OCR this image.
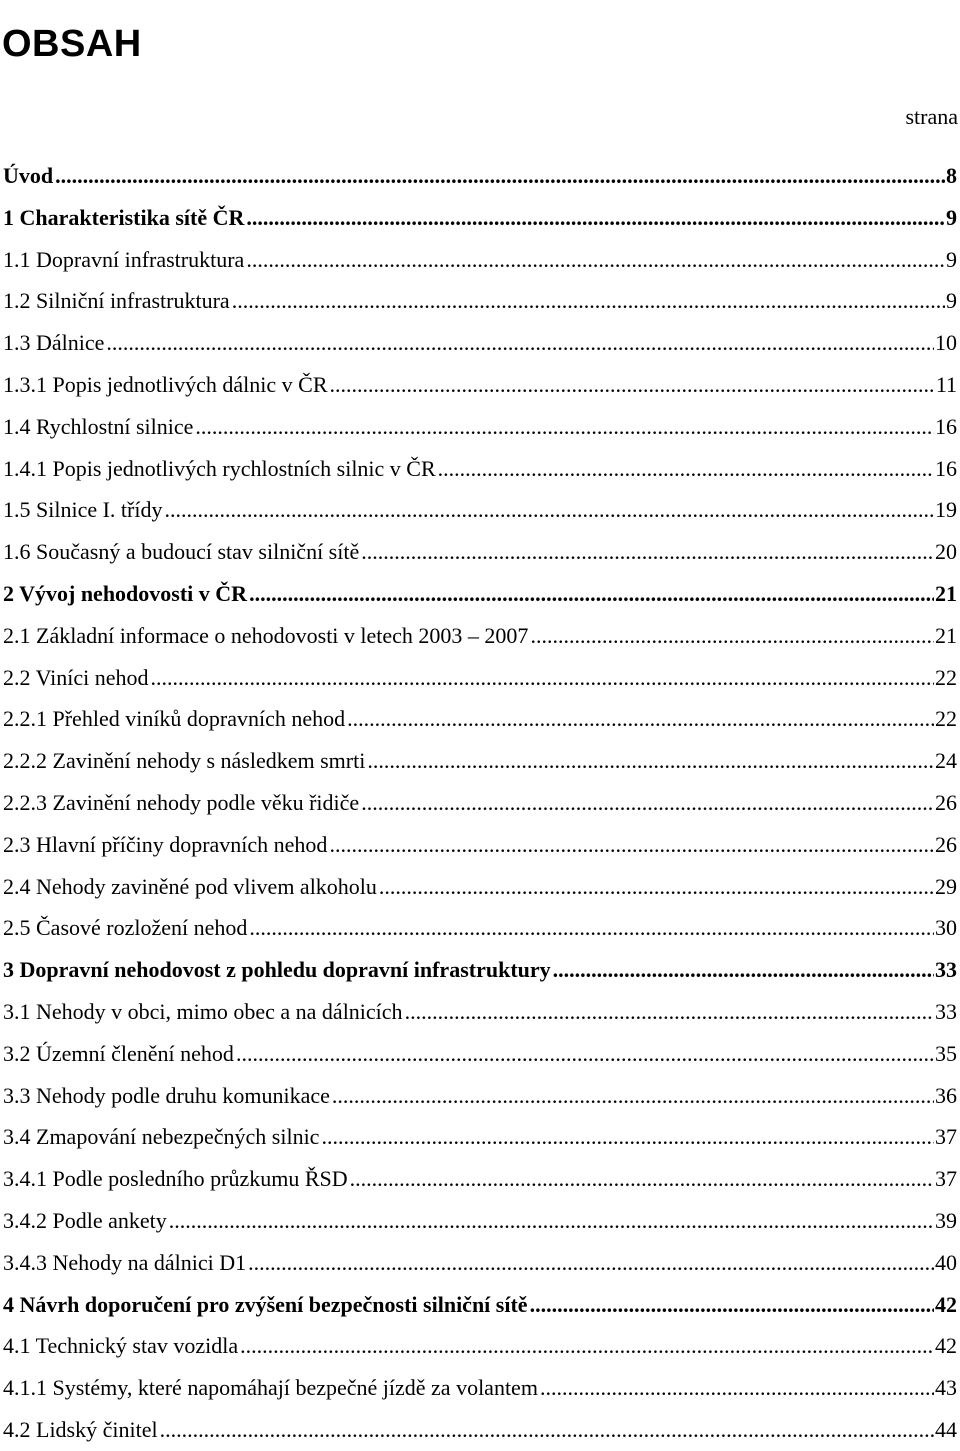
OBSAH
strana
Úvod .....	8
1 Charakteristika sítě ČR .....	9
1.1 Dopravní infrastruktura .....	9
1.2 Silniční infrastruktura .....	9
1.3 Dálnice .....	10
1.3.1 Popis jednotlivých dálnic v ČR .....	11
1.4 Rychlostní silnice .....	16
1.4.1 Popis jednotlivých rychlostních silnic v ČR .....	16
1.5 Silnice I. třídy .....	19
1.6 Současný a budoucí stav silniční sítě .....	20
2 Vývoj nehodovosti v ČR .....	21
2.1 Základní informace o nehodovosti v letech 2003 – 2007 .....	21
2.2 Viníci nehod .....	22
2.2.1 Přehled viníků dopravních nehod .....	22
2.2.2 Zavinění nehody s následkem smrti .....	24
2.2.3 Zavinění nehody podle věku řidiče .....	26
2.3 Hlavní příčiny dopravních nehod .....	26
2.4 Nehody zaviněné pod vlivem alkoholu .....	29
2.5 Časové rozložení nehod .....	30
3 Dopravní nehodovost z pohledu dopravní infrastruktury .....	33
3.1 Nehody v obci, mimo obec a na dálnicích .....	33
3.2 Územní členění nehod .....	35
3.3 Nehody podle druhu komunikace .....	36
3.4 Zmapování nebezpečných silnic .....	37
3.4.1 Podle posledního průzkumu ŘSD .....	37
3.4.2 Podle ankety .....	39
3.4.3 Nehody na dálnici D1 .....	40
4 Návrh doporučení pro zvýšení bezpečnosti silniční sítě .....	42
4.1 Technický stav vozidla .....	42
4.1.1 Systémy, které napomáhají bezpečné jízdě za volantem .....	43
4.2 Lidský činitel .....	44
